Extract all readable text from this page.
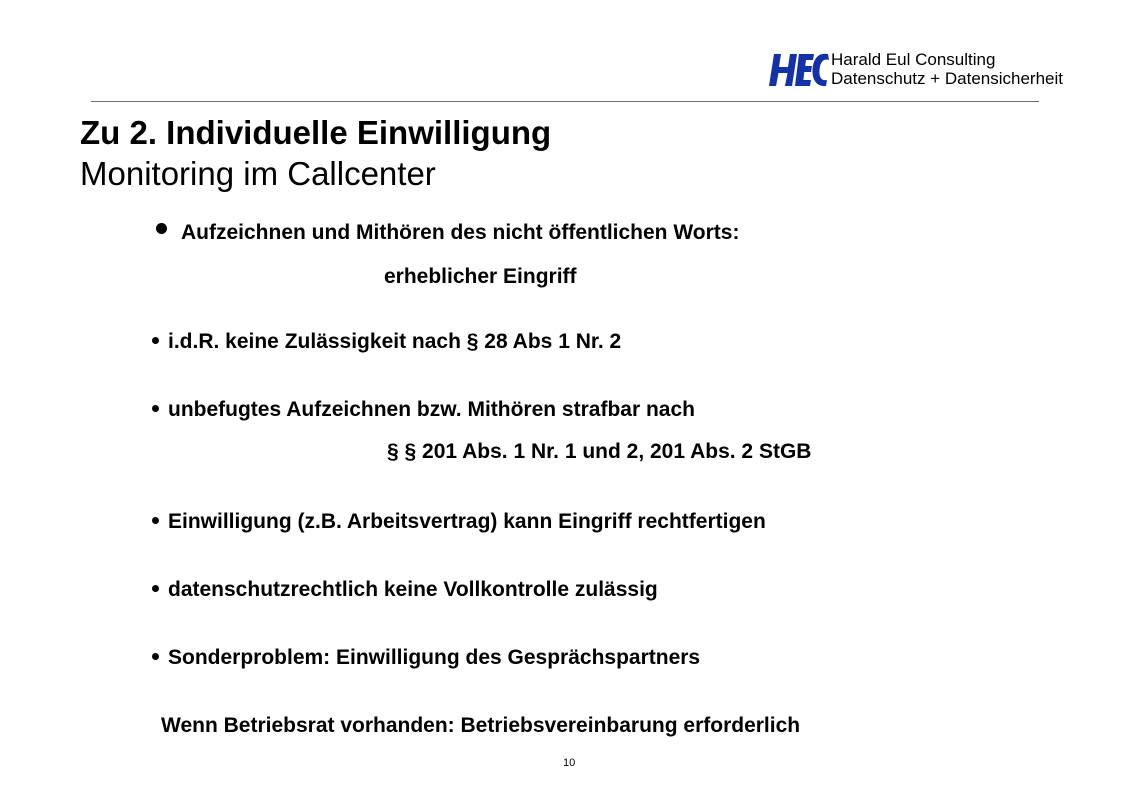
Harald Eul Consulting
Datenschutz + Datensicherheit
Zu 2. Individuelle Einwilligung
Monitoring im Callcenter
Aufzeichnen und Mithören des nicht öffentlichen Worts:
erheblicher Eingriff
i.d.R. keine Zulässigkeit nach § 28 Abs 1 Nr. 2
unbefugtes Aufzeichnen bzw. Mithören strafbar nach
§ § 201 Abs. 1 Nr. 1 und 2, 201 Abs. 2 StGB
Einwilligung (z.B. Arbeitsvertrag) kann Eingriff rechtfertigen
datenschutzrechtlich keine Vollkontrolle zulässig
Sonderproblem: Einwilligung des Gesprächspartners
Wenn Betriebsrat vorhanden: Betriebsvereinbarung erforderlich
10
